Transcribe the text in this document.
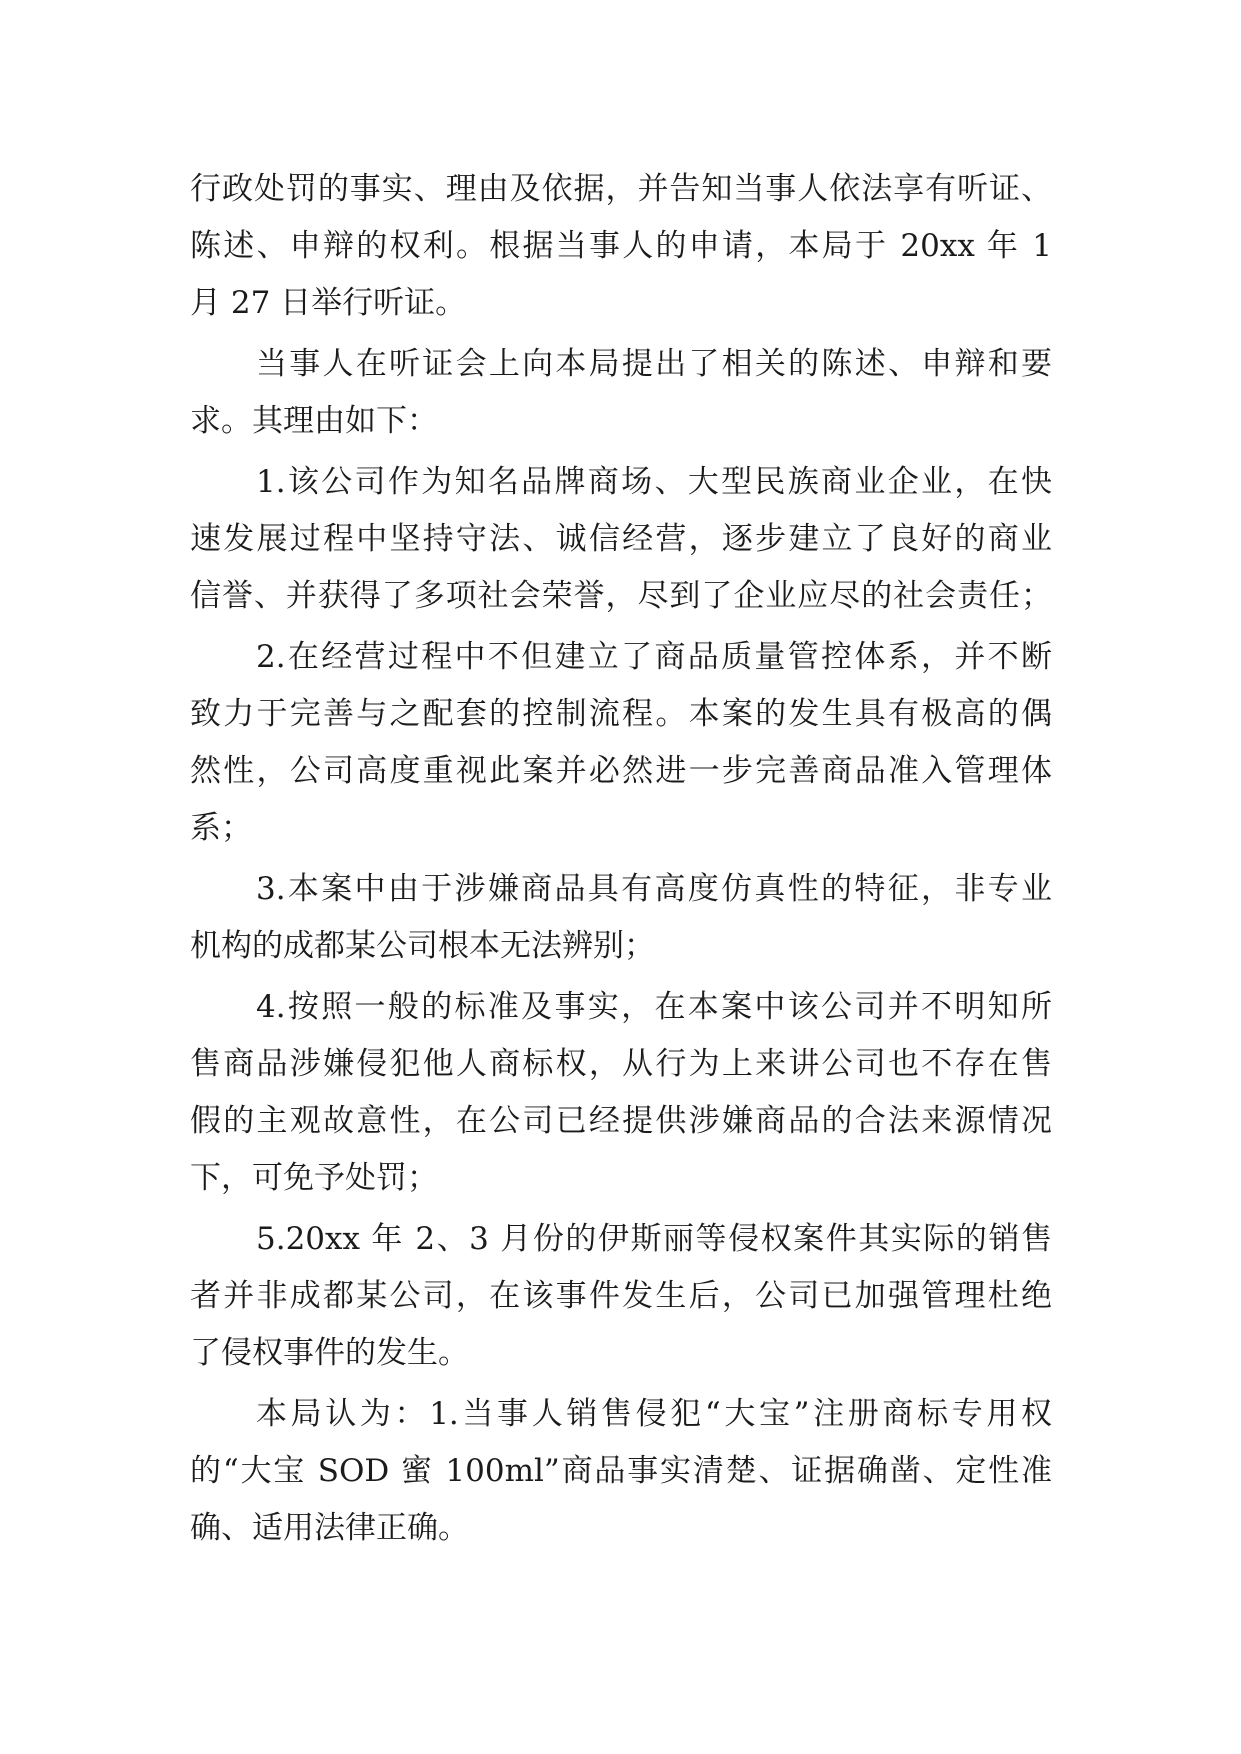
行政处罚的事实、理由及依据，并告知当事人依法享有听证、
陈述、申辩的权利。根据当事人的申请，本局于 20xx 年 1
月 27 日举行听证。
当事人在听证会上向本局提出了相关的陈述、申辩和要
求。其理由如下：
1.该公司作为知名品牌商场、大型民族商业企业，在快
速发展过程中坚持守法、诚信经营，逐步建立了良好的商业
信誉、并获得了多项社会荣誉，尽到了企业应尽的社会责任；
2.在经营过程中不但建立了商品质量管控体系，并不断
致力于完善与之配套的控制流程。本案的发生具有极高的偶
然性，公司高度重视此案并必然进一步完善商品准入管理体
系；
3.本案中由于涉嫌商品具有高度仿真性的特征，非专业
机构的成都某公司根本无法辨别；
4.按照一般的标准及事实，在本案中该公司并不明知所
售商品涉嫌侵犯他人商标权，从行为上来讲公司也不存在售
假的主观故意性，在公司已经提供涉嫌商品的合法来源情况
下，可免予处罚；
5.20xx 年 2、3 月份的伊斯丽等侵权案件其实际的销售
者并非成都某公司，在该事件发生后，公司已加强管理杜绝
了侵权事件的发生。
本局认为：1.当事人销售侵犯“大宝”注册商标专用权
的“大宝 SOD 蜜 100ml”商品事实清楚、证据确凿、定性准
确、适用法律正确。
